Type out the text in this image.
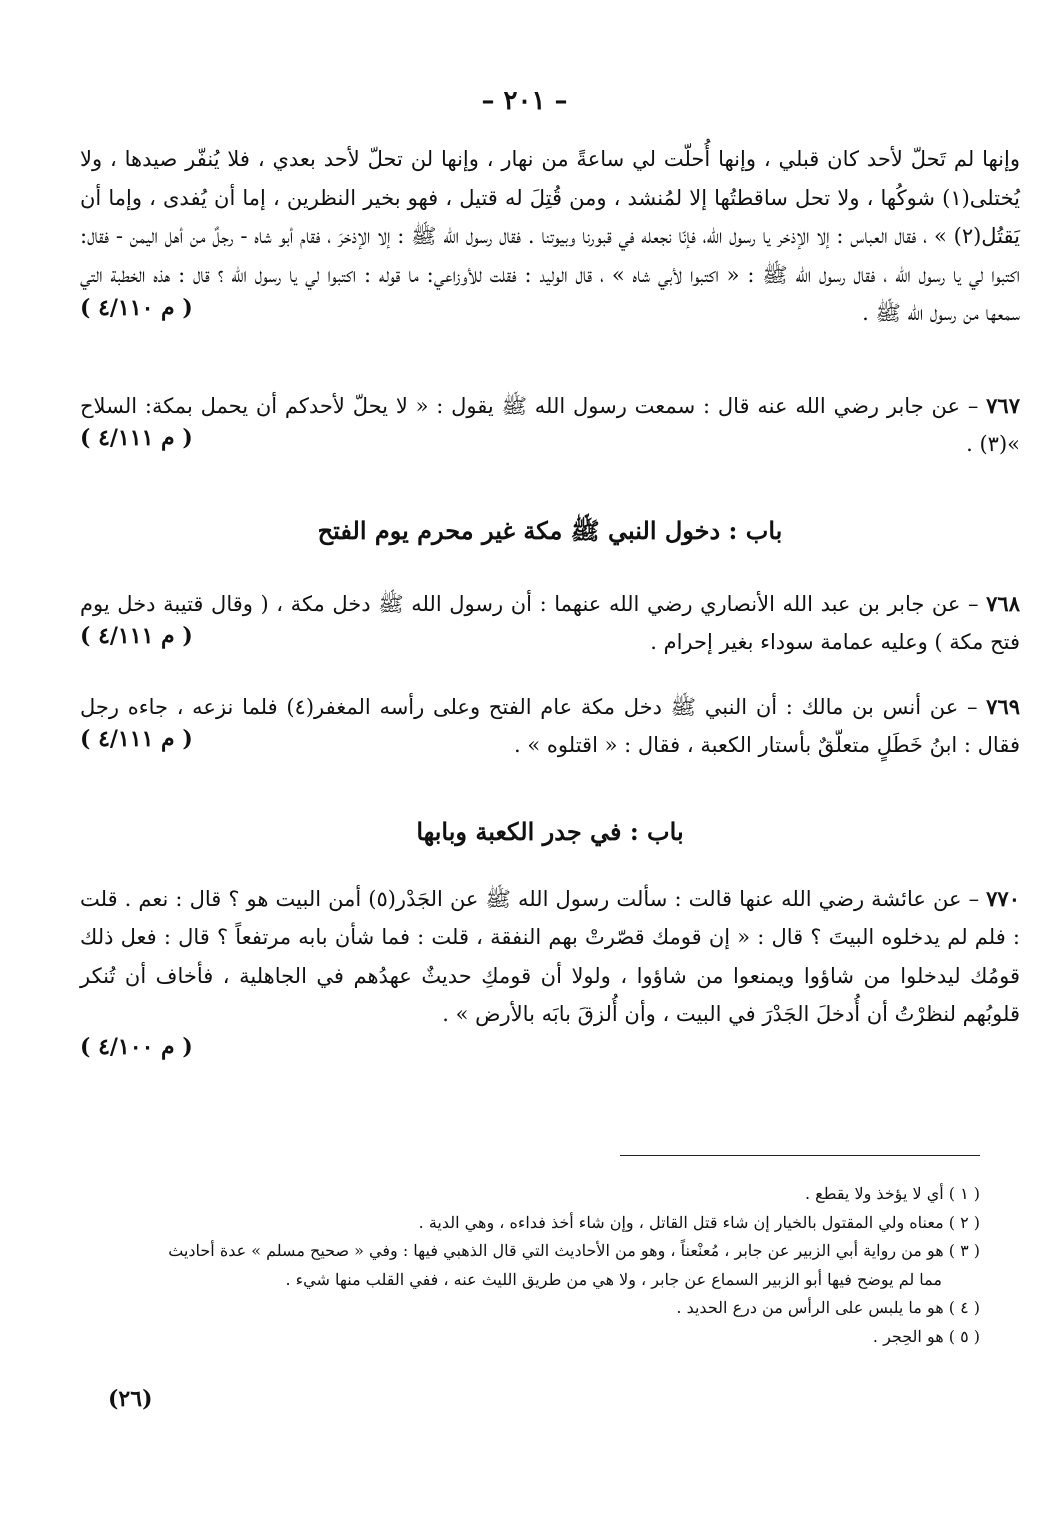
– ٢٠١ –

وإنها لم تَحلّ لأحد كان قبلي ، وإنها أُحلّت لي ساعةً من نهار ، وإنها لن تحلّ لأحد بعدي ، فلا يُنفّر صيدها ، ولا يُختلى(١) شوكُها ، ولا تحل ساقطتُها إلا لمُنشد ، ومن قُتِلَ له قتيل ، فهو بخير النظرين ، إما أن يُفدى ، وإما أن يَقتُل(٢) » ، فقال العباس : إلا الإذخر يا رسول الله، فإنّا نجعله في قبورنا وبيوتنا . فقال رسول الله ﷺ : إلا الإذخرَ ، فقام أبو شاه - رجلٌ من أهل اليمن - فقال: اكتبوا لي يا رسول الله ، فقال رسول الله ﷺ : « اكتبوا لأبي شاه » ، قال الوليد : فقلت للأوزاعي: ما قوله : اكتبوا لي يا رسول الله ؟ قال : هذه الخطبة التي سمعها من رسول الله ﷺ .

( م ٤/١١٠ )

٧٦٧ – عن جابر رضي الله عنه قال : سمعت رسول الله ﷺ يقول : « لا يحلّ لأحدكم أن يحمل بمكة: السلاح »(٣) .

( م ٤/١١١ )
باب : دخول النبي ﷺ مكة غير محرم يوم الفتح

٧٦٨ – عن جابر بن عبد الله الأنصاري رضي الله عنهما : أن رسول الله ﷺ دخل مكة ، ( وقال قتيبة دخل يوم فتح مكة ) وعليه عمامة سوداء بغير إحرام .

( م ٤/١١١ )

٧٦٩ – عن أنس بن مالك : أن النبي ﷺ دخل مكة عام الفتح وعلى رأسه المغفر(٤) فلما نزعه ، جاءه رجل فقال : ابنُ خَطَلٍ متعلّقٌ بأستار الكعبة ، فقال : « اقتلوه » .

( م ٤/١١١ )
باب : في جدر الكعبة وبابها

٧٧٠ – عن عائشة رضي الله عنها قالت : سألت رسول الله ﷺ عن الجَدْر(٥) أمن البيت هو ؟ قال : نعم . قلت : فلم لم يدخلوه البيتَ ؟ قال : « إن قومك قصّرتْ بهم النفقة ، قلت : فما شأن بابه مرتفعاً ؟ قال : فعل ذلك قومُك ليدخلوا من شاؤوا ويمنعوا من شاؤوا ، ولولا أن قومكِ حديثٌ عهدُهم في الجاهلية ، فأخاف أن تُنكر قلوبُهم لنظرْتُ أن أُدخلَ الجَدْرَ في البيت ، وأن أُلزقَ بابَه بالأرض » .

( م ٤/١٠٠ )

( ١ ) أي لا يؤخذ ولا يقطع .

( ٢ ) معناه ولي المقتول بالخيار إن شاء قتل القاتل ، وإن شاء أخذ فداءه ، وهي الدية .

( ٣ ) هو من رواية أبي الزبير عن جابر ، مُعنْعناً ، وهو من الأحاديث التي قال الذهبي فيها : وفي « صحيح مسلم » عدة أحاديث

مما لم يوضح فيها أبو الزبير السماع عن جابر ، ولا هي من طريق الليث عنه ، ففي القلب منها شيء .

( ٤ ) هو ما يلبس على الرأس من درع الحديد .

( ٥ ) هو الحِجر .

(٢٦)
